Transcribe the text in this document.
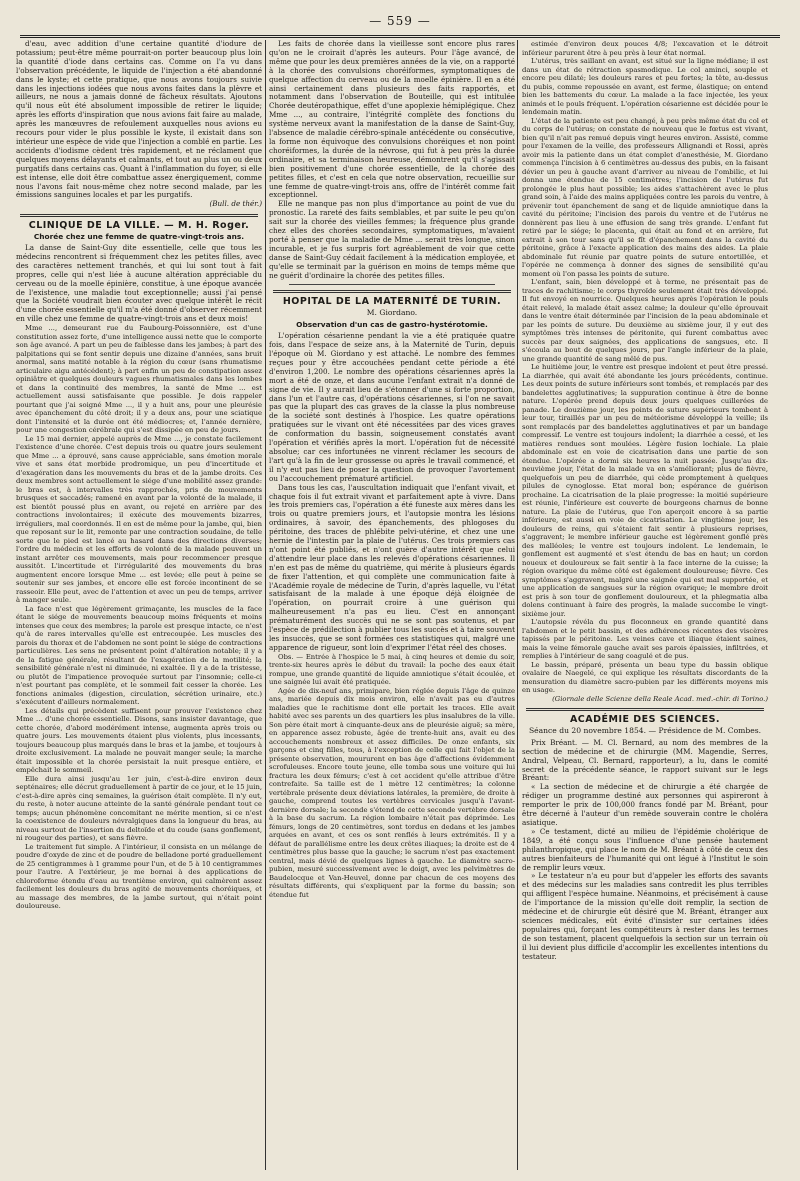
— 559 —

d'eau, avec addition d'une certaine quantité d'iodure de potassium; peut-être même pourrait-on porter beaucoup plus loin la quantité d'iode dans certains cas. Comme on l'a vu dans l'observation précédente, le liquide de l'injection a été abandonné dans le kyste; et cette pratique, que nous avons toujours suivie dans les injections iodées que nous avons faites dans la plèvre et ailleurs, ne nous a jamais donné de fâcheux résultats. Ajoutons qu'il nous eût été absolument impossible de retirer le liquide; après les efforts d'inspiration que nous avions fait faire au malade, après les manœuvres de refoulement auxquelles nous avions eu recours pour vider le plus possible le kyste, il existait dans son intérieur une espèce de vide que l'injection a comblé en partie. Les accidents d'iodisme cèdent très rapidement, et ne réclament que quelques moyens délayants et calmants, et tout au plus un ou deux purgatifs dans certains cas. Quant à l'inflammation du foyer, si elle est intense, elle doit être combattue assez énergiquement, comme nous l'avons fait nous-même chez notre second malade, par les émissions sanguines locales et par les purgatifs.

(Bull. de thér.)

CLINIQUE DE LA VILLE. — M. H. Roger.
Chorée chez une femme de quatre-vingt-trois ans.

La danse de Saint-Guy dite essentielle, celle que tous les médecins rencontrent si fréquemment chez les petites filles, avec des caractères nettement tranchés, et qui lui sont tout à fait propres, celle qui n'est liée à aucune altération appréciable du cerveau ou de la moelle épinière, constitue, à une époque avancée de l'existence, une maladie tout exceptionnelle; aussi j'ai pensé que la Société voudrait bien écouter avec quelque intérêt le récit d'une chorée essentielle qu'il m'a été donné d'observer récemment en ville chez une femme de quatre-vingt-trois ans et deux mois!

Mme ..., demeurant rue du Faubourg-Poissonnière, est d'une constitution assez forte, d'une intelligence aussi nette que le comporte son âge avancé. A part un peu de faiblesse dans les jambes; à part des palpitations qui se font sentir depuis une dizaine d'années, sans bruit anormal, sans matité notable à la région du cœur (sans rhumatisme articulaire aigu antécédent); à part enfin un peu de constipation assez opiniâtre et quelques douleurs vagues rhumatismales dans les lombes et dans la continuité des membres, la santé de Mme ... est actuellement aussi satisfaisante que possible. Je dois rappeler pourtant que j'ai soigné Mme ..., il y a huit ans, pour une pleurésie avec épanchement du côté droit; il y a deux ans, pour une sciatique dont l'intensité et la durée ont été médiocres; et, l'année dernière, pour une congestion cérébrale qui s'est dissipée en peu de jours.

Le 15 mai dernier, appelé auprès de Mme ..., je constate facilement l'existence d'une chorée. C'est depuis trois ou quatre jours seulement que Mme ... a éprouvé, sans cause appréciable, sans émotion morale vive et sans état morbide prodromique, un peu d'incertitude et d'exagération dans les mouvements du bras et de la jambe droits. Ces deux membres sont actuellement le siége d'une mobilité assez grande: le bras est, à intervalles très rapprochés, pris de mouvements brusques et saccadés; ramené en avant par la volonté de la malade, il est bientôt poussé plus en avant, ou rejeté en arrière par des contractions involontaires; il exécute des mouvements bizarres, irréguliers, mal coordonnés. Il en est de même pour la jambe, qui, bien que reposant sur le lit, remonte par une contraction soudaine, de telle sorte que le pied est lancé au hasard dans des directions diverses; l'ordre du médecin et les efforts de volonté de la malade peuvent un instant arrêter ces mouvements, mais pour recommencer presque aussitôt. L'incertitude et l'irrégularité des mouvements du bras augmentent encore lorsque Mme ... est levée; elle peut à peine se soutenir sur ses jambes, et encore elle est forcée incontinent de se rasseoir. Elle peut, avec de l'attention et avec un peu de temps, arriver à manger seule.

La face n'est que légèrement grimaçante, les muscles de la face étant le siége de mouvements beaucoup moins fréquents et moins intenses que ceux des membres; la parole est presque intacte, ce n'est qu'à de rares intervalles qu'elle est entrecoupée. Les muscles des parois du thorax et de l'abdomen ne sont point le siége de contractions particulières. Les sens ne présentent point d'altération notable; il y a de la fatigue générale, résultant de l'exagération de la motilité; la sensibilité générale n'est ni diminuée, ni exaltée. Il y a de la tristesse, ou plutôt de l'impatience provoquée surtout par l'insomnie; celle-ci n'est pourtant pas complète, et le sommeil fait cesser la chorée. Les fonctions animales (digestion, circulation, sécrétion urinaire, etc.) s'exécutent d'ailleurs normalement.

Les détails qui précèdent suffisent pour prouver l'existence chez Mme ... d'une chorée essentielle. Disons, sans insister davantage, que cette chorée, d'abord modérément intense, augmenta après trois ou quatre jours. Les mouvements étaient plus violents, plus incessants, toujours beaucoup plus marqués dans le bras et la jambe, et toujours à droite exclusivement. La malade ne pouvait manger seule; la marche était impossible et la chorée persistait la nuit presque entière, et empêchait le sommeil.

Elle dura ainsi jusqu'au 1er juin, c'est-à-dire environ deux septénaires; elle décrut graduellement à partir de ce jour, et le 15 juin, c'est-à-dire après cinq semaines, la guérison était complète. Il n'y eut, du reste, à noter aucune atteinte de la santé générale pendant tout ce temps; aucun phénomène concomitant ne mérite mention, si ce n'est la coexistence de douleurs névralgiques dans la longueur du bras, au niveau surtout de l'insertion du deltoïde et du coude (sans gonflement, ni rougeur des parties), et sans fièvre.

Le traitement fut simple. A l'intérieur, il consista en un mélange de poudre d'oxyde de zinc et de poudre de belladone porté graduellement de 25 centigrammes à 1 gramme pour l'un, et de 5 à 10 centigrammes pour l'autre. A l'extérieur, je me bornai à des applications de chloroforme étendu d'eau au trentième environ, qui calmèrent assez facilement les douleurs du bras agité de mouvements choréiques, et au massage des membres, de la jambe surtout, qui n'était point douloureuse.

Les faits de chorée dans la vieillesse sont encore plus rares qu'on ne le croirait d'après les auteurs. Pour l'âge avancé, de même que pour les deux premières années de la vie, on a rapporté à la chorée des convulsions choréiformes, symptomatiques de quelque affection du cerveau ou de la moelle épinière. Il en a été ainsi certainement dans plusieurs des faits rapportés, et notamment dans l'observation de Bouteille, qui est intitulée Chorée deutéropathique, effet d'une apoplexie hémiplégique. Chez Mme ..., au contraire, l'intégrité complète des fonctions du système nerveux avant la manifestation de la danse de Saint-Guy, l'absence de maladie cérébro-spinale antécédente ou consécutive, la forme non équivoque des convulsions choréiques et non point choréiformes, la durée de la névrose, qui fut à peu près la durée ordinaire, et sa terminaison heureuse, démontrent qu'il s'agissait bien positivement d'une chorée essentielle, de la chorée des petites filles, et c'est en cela que notre observation, recueillie sur une femme de quatre-vingt-trois ans, offre de l'intérêt comme fait exceptionnel.

Elle ne manque pas non plus d'importance au point de vue du pronostic. La rareté des faits semblables, et par suite le peu qu'on sait sur la chorée des vieilles femmes; la fréquence plus grande chez elles des chorées secondaires, symptomatiques, m'avaient porté à penser que la maladie de Mme ... serait très longue, sinon incurable, et je fus surpris fort agréablement de voir que cette danse de Saint-Guy cédait facilement à la médication employée, et qu'elle se terminait par la guérison en moins de temps même que ne guérit d'ordinaire la chorée des petites filles.

HOPITAL DE LA MATERNITÉ DE TURIN.
M. Giordano.
Observation d'un cas de gastro-hystérotomie.

L'opération césarienne pendant la vie a été pratiquée quatre fois, dans l'espace de seize ans, à la Maternité de Turin, depuis l'époque où M. Giordano y est attaché. Le nombre des femmes reçues pour y être accouchées pendant cette période a été d'environ 1,200. Le nombre des opérations césariennes après la mort a été de onze, et dans aucune l'enfant extrait n'a donné de signe de vie. Il y aurait lieu de s'étonner d'une si forte proportion, dans l'un et l'autre cas, d'opérations césariennes, si l'on ne savait pas que la plupart des cas graves de la classe la plus nombreuse de la société sont destinés à l'hospice. Les quatre opérations pratiquées sur le vivant ont été nécessitées par des vices graves de conformation du bassin, soigneusement constatés avant l'opération et vérifiés après la mort. L'opération fut de nécessité absolue; car ces infortunées ne vinrent réclamer les secours de l'art qu'à la fin de leur grossesse ou après le travail commencé, et il n'y eut pas lieu de poser la question de provoquer l'avortement ou l'accouchement prématuré artificiel.

Dans tous les cas, l'auscultation indiquait que l'enfant vivait, et chaque fois il fut extrait vivant et parfaitement apte à vivre. Dans les trois premiers cas, l'opération a été funeste aux mères dans les trois ou quatre premiers jours, et l'autopsie montra les lésions ordinaires, à savoir, des épanchements, des phlogoses du péritoine, des traces de phlébite pelvi-utérine, et chez une une hernie de l'intestin par la plaie de l'utérus. Ces trois premiers cas n'ont point été publiés, et n'ont guère d'autre intérêt que celui d'attendre leur place dans les relevés d'opérations césariennes. Il n'en est pas de même du quatrième, qui mérite à plusieurs égards de fixer l'attention, et qui complète une communication faite à l'Académie royale de médecine de Turin, d'après laquelle, vu l'état satisfaisant de la malade à une époque déjà éloignée de l'opération, on pourrait croire à une guérison qui malheureusement n'a pas eu lieu. C'est en annonçant prématurément des succès qui ne se sont pas soutenus, et par l'espèce de prédilection à publier tous les succès et à taire souvent les insuccès, que se sont formées ces statistiques qui, malgré une apparence de rigueur, sont loin d'exprimer l'état réel des choses.

Obs. — Entrée à l'hospice le 5 mai, à cinq heures et demie du soir, trente-six heures après le début du travail: la poche des eaux était rompue, une grande quantité de liquide amniotique s'était écoulée, et une saignée lui avait été pratiquée.

Agée de dix-neuf ans, primipare, bien réglée depuis l'âge de quinze ans, mariée depuis dix mois environ, elle n'avait pas eu d'autres maladies que le rachitisme dont elle portait les traces. Elle avait habité avec ses parents un des quartiers les plus insalubres de la ville. Son père était mort à cinquante-deux ans de pleurésie aiguë; sa mère, en apparence assez robuste, âgée de trente-huit ans, avait eu des accouchements nombreux et assez difficiles. De onze enfants, six garçons et cinq filles, tous, à l'exception de celle qui fait l'objet de la présente observation, moururent en bas âge d'affections évidemment scrofuleuses. Encore toute jeune, elle tomba sous une voiture qui lui fractura les deux fémurs; c'est à cet accident qu'elle attribue d'être contrefaite. Sa taille est de 1 mètre 12 centimètres; la colonne vertébrale présente deux déviations latérales, la première, de droite à gauche, comprend toutes les vertèbres cervicales jusqu'à l'avant-dernière dorsale; la seconde s'étend de cette seconde vertèbre dorsale à la base du sacrum. La région lombaire n'était pas déprimée. Les fémurs, longs de 20 centimètres, sont tordus en dedans et les jambes arquées en avant, et ces os sont renflés à leurs extrémités. Il y a défaut de parallélisme entre les deux crêtes iliaques; la droite est de 4 centimètres plus basse que la gauche; le sacrum n'est pas exactement central, mais dévié de quelques lignes à gauche. Le diamètre sacro-pubien, mesuré successivement avec le doigt, avec les pelvimètres de Baudelocque et Van-Heuvel, donne par chacun de ces moyens des résultats différents, qui s'expliquent par la forme du bassin; son étendue fut

estimée d'environ deux pouces 4/8; l'excavation et le détroit inférieur parurent être à peu près à leur état normal.

L'utérus, très saillant en avant, est situé sur la ligne médiane; il est dans un état de rétraction spasmodique. Le col aminci, souple et encore peu dilaté; les douleurs rares et peu fortes; la tête, au-dessus du pubis, comme repoussée en avant, est ferme, élastique; on entend bien les battements du cœur. La malade a la face injectée, les yeux animés et le pouls fréquent. L'opération césarienne est décidée pour le lendemain matin.

L'état de la patiente est peu changé, à peu près même état du col et du corps de l'utérus; on constate de nouveau que le fœtus est vivant, bien qu'il n'ait pas remué depuis vingt heures environ. Assisté, comme pour l'examen de la veille, des professeurs Allignandi et Rossi, après avoir mis la patiente dans un état complet d'anesthésie, M. Giordano commença l'incision à 6 centimètres au-dessus des pubis, en la faisant dévier un peu à gauche avant d'arriver au niveau de l'ombilic, et lui donna une étendue de 15 centimètres; l'incision de l'utérus fut prolongée le plus haut possible; les aides s'attachèrent avec le plus grand soin, à l'aide des mains appliquées contre les parois du ventre, à prévenir tout épanchement de sang et de liquide amniotique dans la cavité du péritoine; l'incision des parois du ventre et de l'utérus ne donnèrent pas lieu à une effusion de sang très grande. L'enfant fut retiré par le siége; le placenta, qui était au fond et en arrière, fut extrait à son tour sans qu'il se fît d'épanchement dans la cavité du péritoine, grâce à l'exacte application des mains des aides. La plaie abdominale fut réunie par quatre points de suture entortillée, et l'opérée ne commença à donner des signes de sensibilité qu'au moment où l'on passa les points de suture.

L'enfant, sain, bien développé et à terme, ne présentait pas de traces de rachitisme; le corps thyroïde seulement était très développé. Il fut envoyé en nourrice. Quelques heures après l'opération le pouls était relevé, la malade était assez calme; la douleur qu'elle éprouvait dans le ventre était déterminée par l'incision de la peau abdominale et par les points de suture. Du deuxième au sixième jour, il y eut des symptômes très intenses de péritonite, qui furent combattus avec succès par deux saignées, des applications de sangsues, etc. Il s'écoula au bout de quelques jours, par l'angle inférieur de la plaie, une grande quantité de sang mêlé de pus.

Le huitième jour, le ventre est presque indolent et peut être pressé. La diarrhée, qui avait été abondante les jours précédents, continue. Les deux points de suture inférieurs sont tombés, et remplacés par des bandelettes agglutinatives; la suppuration continue à être de bonne nature. L'opérée prend depuis deux jours quelques cuillerées de panade. Le douzième jour, les points de suture supérieurs tombent à leur tour, tiraillés par un peu de météorisme développé la veille; ils sont remplacés par des bandelettes agglutinatives et par un bandage compressif. Le ventre est toujours indolent; la diarrhée a cessé, et les matières rendues sont moulées. Légère fusion lochiale. La plaie abdominale est en voie de cicatrisation dans une partie de son étendue. L'opérée a dormi six heures la nuit passée. Jusqu'au dix-neuvième jour, l'état de la malade va en s'améliorant; plus de fièvre, quelquefois un peu de diarrhée, qui cède promptement à quelques pilules de cynoglosse. Etat moral bon; espérance de guérison prochaine. La cicatrisation de la plaie progresse: la moitié supérieure est réunie, l'inférieure est couverte de bourgeons charnus de bonne nature. La plaie de l'utérus, que l'on aperçoit encore à sa partie inférieure, est aussi en voie de cicatrisation. Le vingtième jour, les douleurs de reins, qui s'étaient fait sentir à plusieurs reprises, s'aggravent; le membre inférieur gauche est légèrement gonflé près des malléoles; le ventre est toujours indolent. Le lendemain, le gonflement est augmenté et s'est étendu de bas en haut; un cordon noueux et douloureux se fait sentir à la face interne de la cuisse; la région ovarique du même côté est également douloureuse; fièvre. Ces symptômes s'aggravent, malgré une saignée qui est mal supportée, et une application de sangsues sur la région ovarique; le membre droit est pris à son tour de gonflement douloureux, et la phlegmatia alba dolens continuant à faire des progrès, la malade succombe le vingt-sixième jour.

L'autopsie révéla du pus floconneux en grande quantité dans l'abdomen et le petit bassin, et des adhérences récentes des viscères tapissés par le péritoine. Les veines cave et iliaque étaient saines, mais la veine fémorale gauche avait ses parois épaissies, infiltrées, et remplies à l'intérieur de sang coagulé et de pus.

Le bassin, préparé, présenta un beau type du bassin oblique ovalaire de Naegelé, ce qui explique les résultats discordants de la mensuration du diamètre sacro-pubien par les différents moyens mis en usage.

(Giornale delle Scienze della Reale Acad. med.-chir. di Torino.)

ACADÉMIE DES SCIENCES.
Séance du 20 novembre 1854. — Présidence de M. Combes.

Prix Bréant. — M. Cl. Bernard, au nom des membres de la section de médecine et de chirurgie (MM. Magendie, Serres, Andral, Velpeau, Cl. Bernard, rapporteur), a lu, dans le comité secret de la précédente séance, le rapport suivant sur le legs Bréant:

« La section de médecine et de chirurgie a été chargée de rédiger un programme destiné aux personnes qui aspireront à remporter le prix de 100,000 francs fondé par M. Bréant, pour être décerné à l'auteur d'un remède souverain contre le choléra asiatique.

» Ce testament, dicté au milieu de l'épidémie cholérique de 1849, a été conçu sous l'influence d'une pensée hautement philanthropique, qui place le nom de M. Bréant à côté de ceux des autres bienfaiteurs de l'humanité qui ont légué à l'Institut le soin de remplir leurs vœux.

» Le testateur n'a eu pour but d'appeler les efforts des savants et des médecins sur les maladies sans contredit les plus terribles qui affligent l'espèce humaine. Néanmoins, et précisément à cause de l'importance de la mission qu'elle doit remplir, la section de médecine et de chirurgie eût désiré que M. Bréant, étranger aux sciences médicales, eût évité d'insister sur certaines idées populaires qui, forçant les compétiteurs à rester dans les termes de son testament, placent quelquefois la section sur un terrain où il lui devient plus difficile d'accomplir les excellentes intentions du testateur.
